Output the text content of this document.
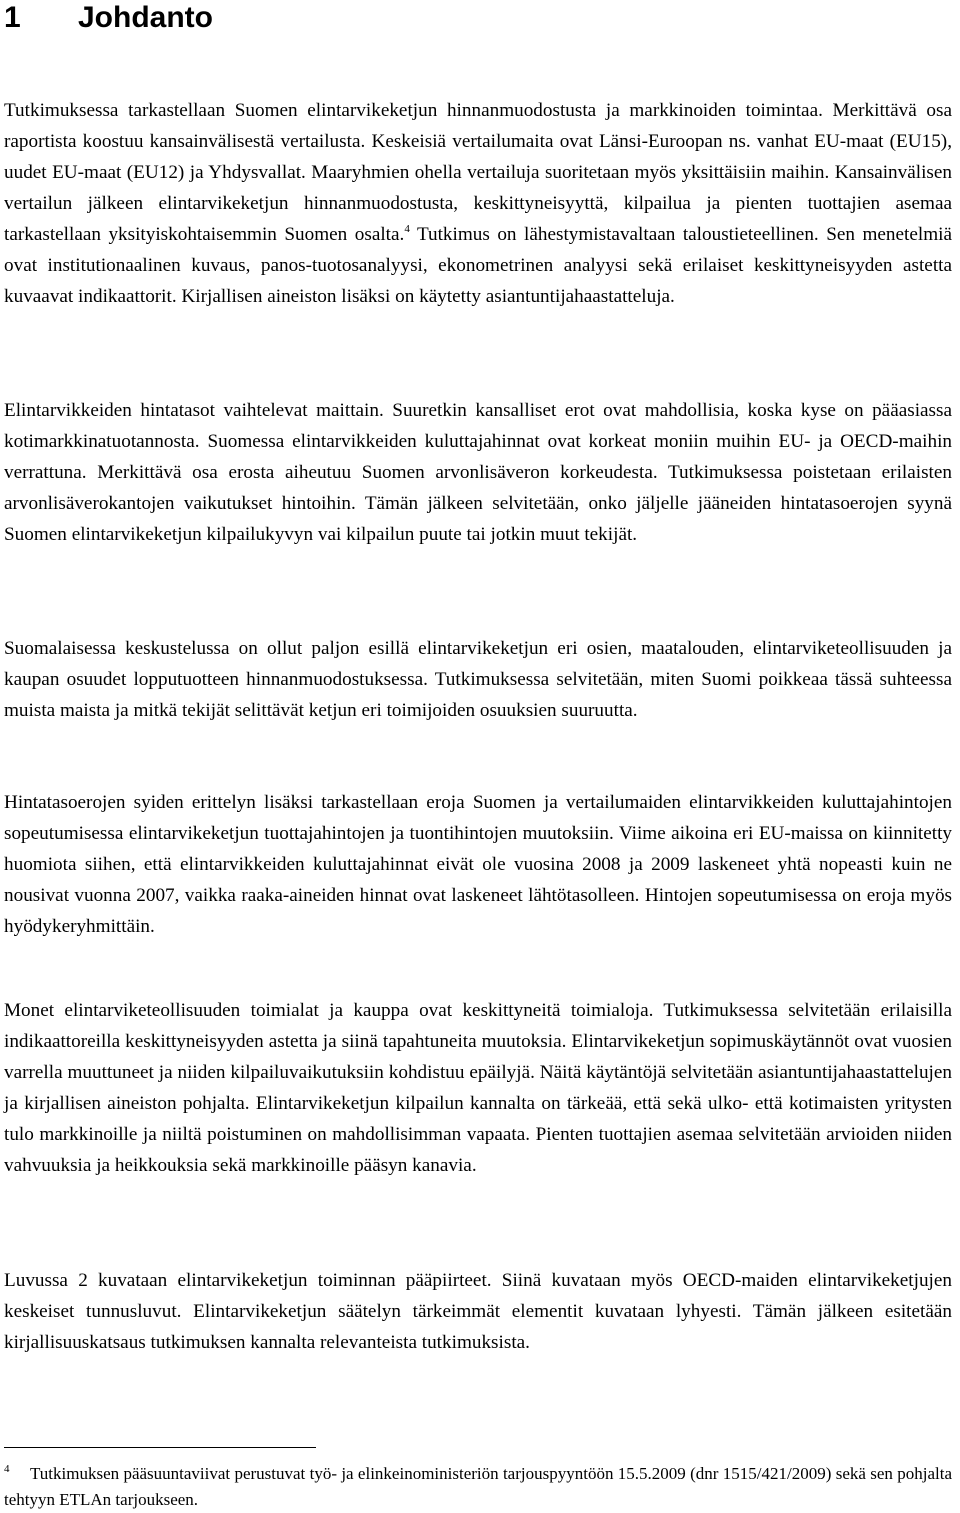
1 Johdanto

Tutkimuksessa tarkastellaan Suomen elintarvikeketjun hinnanmuodostusta ja markkinoiden toimintaa. Merkittävä osa raportista koostuu kansainvälisestä vertailusta. Keskeisiä vertailumaita ovat Länsi-Euroopan ns. vanhat EU-maat (EU15), uudet EU-maat (EU12) ja Yhdysvallat. Maaryhmien ohella vertailuja suoritetaan myös yksittäisiin maihin. Kansainvälisen vertailun jälkeen elintarvikeketjun hinnanmuodostusta, keskittyneisyyttä, kilpailua ja pienten tuottajien asemaa tarkastellaan yksityiskohtaisemmin Suomen osalta.$^4$ Tutkimus on lähestymistavaltaan taloustieteellinen. Sen menetelmiä ovat institutionaalinen kuvaus, panos-tuotosanalyysi, ekonometrinen analyysi sekä erilaiset keskittyneisyyden astetta kuvaavat indikaattorit. Kirjallisen aineiston lisäksi on käytetty asiantuntijahaastatteluja.

Elintarvikkeiden hintatasot vaihtelevat maittain. Suuretkin kansalliset erot ovat mahdollisia, koska kyse on pääasiassa kotimarkkinatuotannosta. Suomessa elintarvikkeiden kuluttajahinnat ovat korkeat moniin muihin EU- ja OECD-maihin verrattuna. Merkittävä osa erosta aiheutuu Suomen arvonlisäveron korkeudesta. Tutkimuksessa poistetaan erilaisten arvonlisäverokantojen vaikutukset hintoihin. Tämän jälkeen selvitetään, onko jäljelle jääneiden hintatasoerojen syynä Suomen elintarvikeketjun kilpailukyvyn vai kilpailun puute tai jotkin muut tekijät.

Suomalaisessa keskustelussa on ollut paljon esillä elintarvikeketjun eri osien, maatalouden, elintarviketeollisuuden ja kaupan osuudet lopputuotteen hinnanmuodostuksessa. Tutkimuksessa selvitetään, miten Suomi poikkeaa tässä suhteessa muista maista ja mitkä tekijät selittävät ketjun eri toimijoiden osuuksien suuruutta.

Hintatasoerojen syiden erittelyn lisäksi tarkastellaan eroja Suomen ja vertailumaiden elintarvikkeiden kuluttajahintojen sopeutumisessa elintarvikeketjun tuottajahintojen ja tuontihintojen muutoksiin. Viime aikoina eri EU-maissa on kiinnitetty huomiota siihen, että elintarvikkeiden kuluttajahinnat eivät ole vuosina 2008 ja 2009 laskeneet yhtä nopeasti kuin ne nousivat vuonna 2007, vaikka raaka-aineiden hinnat ovat laskeneet lähtötasolleen. Hintojen sopeutumisessa on eroja myös hyödykeryhmittäin.

Monet elintarviketeollisuuden toimialat ja kauppa ovat keskittyneitä toimialoja. Tutkimuksessa selvitetään erilaisilla indikaattoreilla keskittyneisyyden astetta ja siinä tapahtuneita muutoksia. Elintarvikeketjun sopimuskäytännöt ovat vuosien varrella muuttuneet ja niiden kilpailuvaikutuksiin kohdistuu epäilyjä. Näitä käytäntöjä selvitetään asiantuntijahaastattelujen ja kirjallisen aineiston pohjalta. Elintarvikeketjun kilpailun kannalta on tärkeää, että sekä ulko- että kotimaisten yritysten tulo markkinoille ja niiltä poistuminen on mahdollisimman vapaata. Pienten tuottajien asemaa selvitetään arvioiden niiden vahvuuksia ja heikkouksia sekä markkinoille pääsyn kanavia.

Luvussa 2 kuvataan elintarvikeketjun toiminnan pääpiirteet. Siinä kuvataan myös OECD-maiden elintarvikeketjujen keskeiset tunnusluvut. Elintarvikeketjun säätelyn tärkeimmät elementit kuvataan lyhyesti. Tämän jälkeen esitetään kirjallisuuskatsaus tutkimuksen kannalta relevanteista tutkimuksista.

4 Tutkimuksen pääsuuntaviivat perustuvat työ- ja elinkeinoministeriön tarjouspyyntöön 15.5.2009 (dnr 1515/421/2009) sekä sen pohjalta tehtyyn ETLAn tarjoukseen.
